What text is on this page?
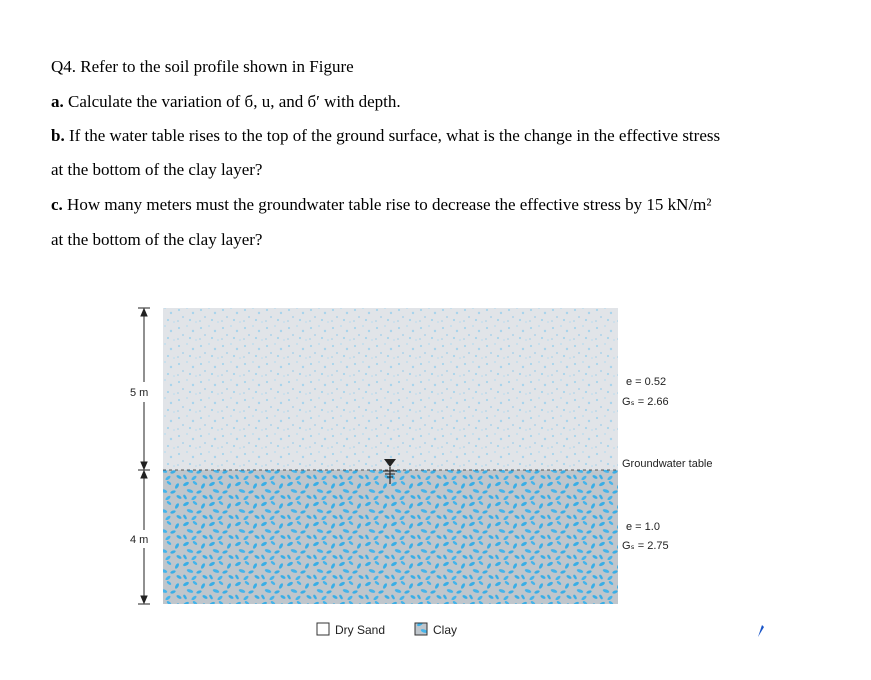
Q4. Refer to the soil profile shown in Figure
a. Calculate the variation of б, u, and б′ with depth.
b. If the water table rises to the top of the ground surface, what is the change in the effective stress
at the bottom of the clay layer?
c. How many meters must the groundwater table rise to decrease the effective stress by 15 kN/m²
at the bottom of the clay layer?
5 m
4 m
e = 0.52
Gₛ = 2.66
Groundwater table
e = 1.0
Gₛ = 2.75
Dry Sand	Clay
